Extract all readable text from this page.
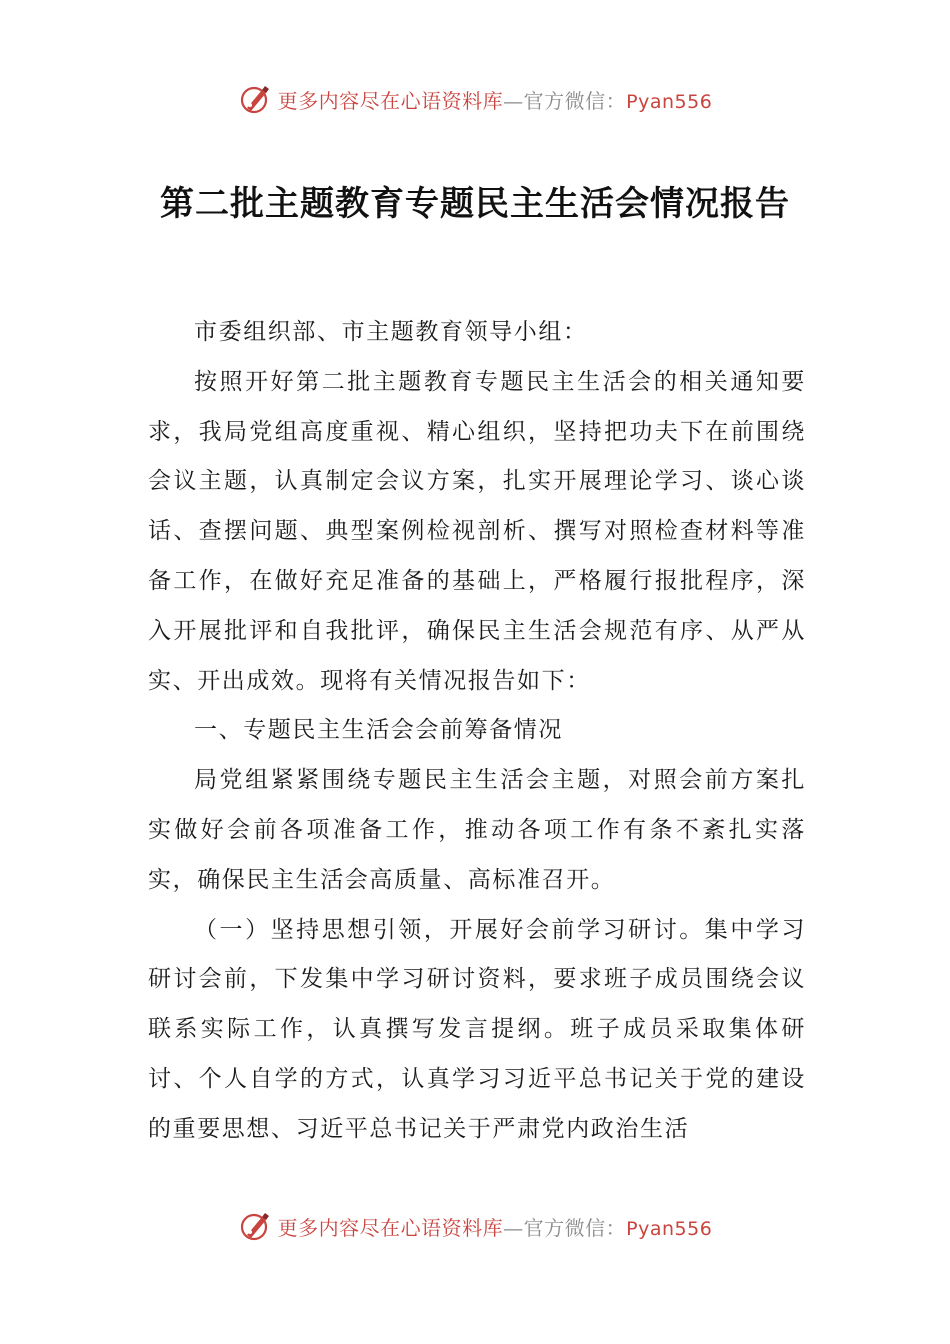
更多内容尽在心语资料库—官方微信：Pyan556
第二批主题教育专题民主生活会情况报告

市委组织部、市主题教育领导小组：

按照开好第二批主题教育专题民主生活会的相关通知要求，我局党组高度重视、精心组织，坚持把功夫下在前围绕会议主题，认真制定会议方案，扎实开展理论学习、谈心谈话、查摆问题、典型案例检视剖析、撰写对照检查材料等准备工作，在做好充足准备的基础上，严格履行报批程序，深入开展批评和自我批评，确保民主生活会规范有序、从严从实、开出成效。现将有关情况报告如下：

一、专题民主生活会会前筹备情况

局党组紧紧围绕专题民主生活会主题，对照会前方案扎实做好会前各项准备工作，推动各项工作有条不紊扎实落实，确保民主生活会高质量、高标准召开。

（一）坚持思想引领，开展好会前学习研讨。集中学习研讨会前，下发集中学习研讨资料，要求班子成员围绕会议联系实际工作，认真撰写发言提纲。班子成员采取集体研讨、个人自学的方式，认真学习习近平总书记关于党的建设的重要思想、习近平总书记关于严肃党内政治生活

更多内容尽在心语资料库—官方微信：Pyan556
